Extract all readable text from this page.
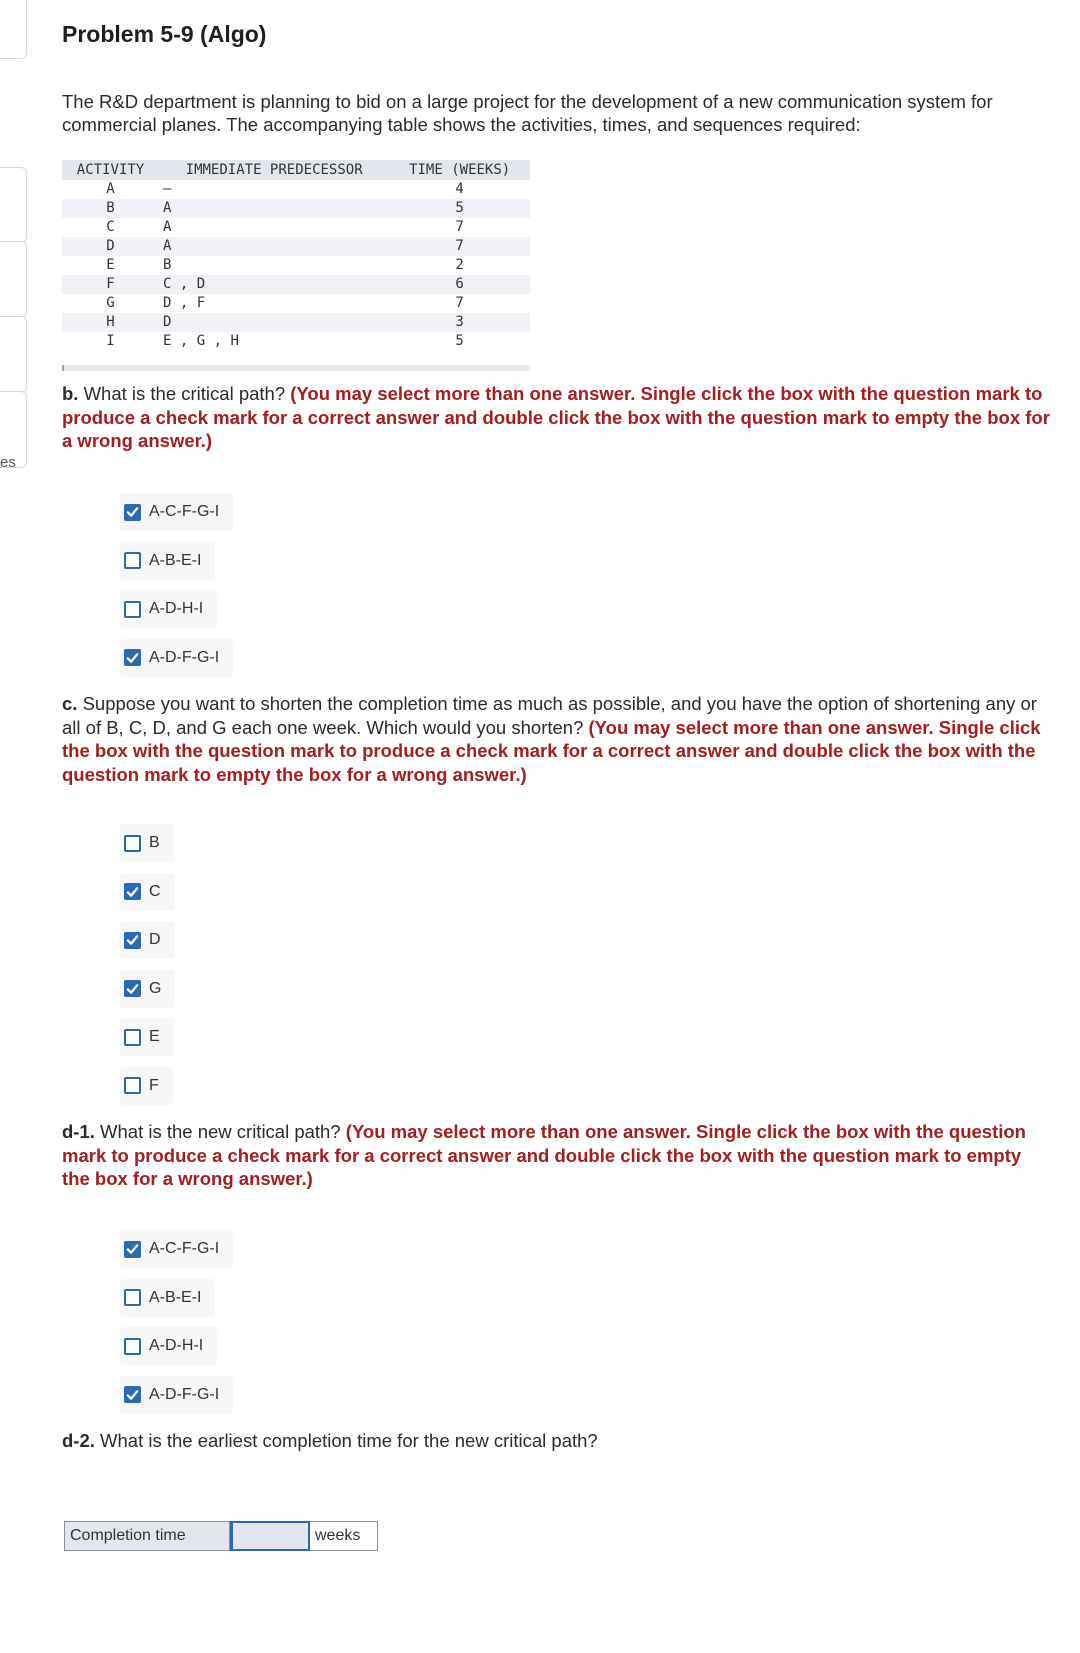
es
Problem 5-9 (Algo)

The R&D department is planning to bid on a large project for the development of a new communication system for commercial planes. The accompanying table shows the activities, times, and sequences required:

ACTIVITY	IMMEDIATE PREDECESSOR	TIME (WEEKS)
A	—	4
B	A	5
C	A	7
D	A	7
E	B	2
F	C , D	6
G	D , F	7
H	D	3
I	E , G , H	5

b. What is the critical path? (You may select more than one answer. Single click the box with the question mark to produce a check mark for a correct answer and double click the box with the question mark to empty the box for a wrong answer.)

A-C-F-G-I
A-B-E-I
A-D-H-I
A-D-F-G-I

c. Suppose you want to shorten the completion time as much as possible, and you have the option of shortening any or all of B, C, D, and G each one week. Which would you shorten? (You may select more than one answer. Single click the box with the question mark to produce a check mark for a correct answer and double click the box with the question mark to empty the box for a wrong answer.)

B
C
D
G
E
F

d-1. What is the new critical path? (You may select more than one answer. Single click the box with the question mark to produce a check mark for a correct answer and double click the box with the question mark to empty the box for a wrong answer.)

A-C-F-G-I
A-B-E-I
A-D-H-I
A-D-F-G-I

d-2. What is the earliest completion time for the new critical path?

Completion time	weeks
